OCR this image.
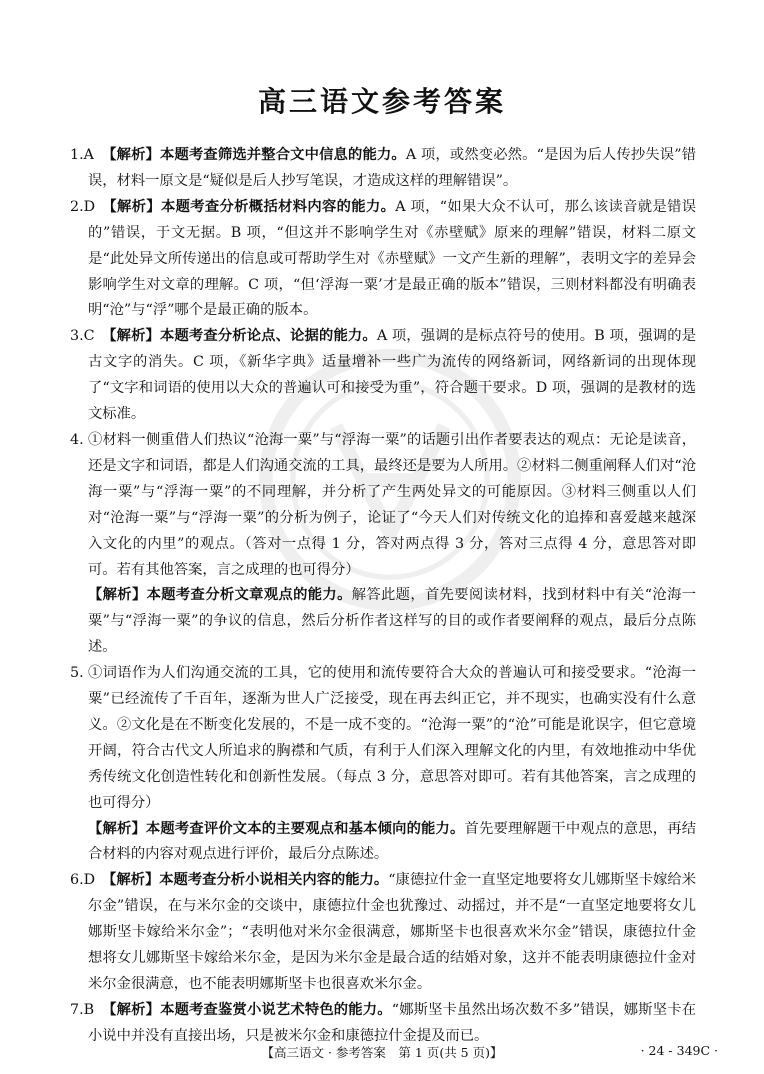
高三语文参考答案
1.A 【解析】本题考查筛选并整合文中信息的能力。A 项，或然变必然。“是因为后人传抄失误”错误，材料一原文是“疑似是后人抄写笔误，才造成这样的理解错误”。
2.D 【解析】本题考查分析概括材料内容的能力。A 项，“如果大众不认可，那么该读音就是错误的”错误，于文无据。B 项，“但这并不影响学生对《赤壁赋》原来的理解”错误，材料二原文是“此处异文所传递出的信息或可帮助学生对《赤壁赋》一文产生新的理解”，表明文字的差异会影响学生对文章的理解。C 项，“但‘浮海一粟’才是最正确的版本”错误，三则材料都没有明确表明“沧”与“浮”哪个是最正确的版本。
3.C 【解析】本题考查分析论点、论据的能力。A 项，强调的是标点符号的使用。B 项，强调的是古文字的消失。C 项，《新华字典》适量增补一些广为流传的网络新词，网络新词的出现体现了“文字和词语的使用以大众的普遍认可和接受为重”，符合题干要求。D 项，强调的是教材的选文标准。
4. ①材料一侧重借人们热议“沧海一粟”与“浮海一粟”的话题引出作者要表达的观点：无论是读音，还是文字和词语，都是人们沟通交流的工具，最终还是要为人所用。②材料二侧重阐释人们对“沧海一粟”与“浮海一粟”的不同理解，并分析了产生两处异文的可能原因。③材料三侧重以人们对“沧海一粟”与“浮海一粟”的分析为例子，论证了“今天人们对传统文化的追捧和喜爱越来越深入文化的内里”的观点。（答对一点得 1 分，答对两点得 3 分，答对三点得 4 分，意思答对即可。若有其他答案，言之成理的也可得分）
【解析】本题考查分析文章观点的能力。解答此题，首先要阅读材料，找到材料中有关“沧海一粟”与“浮海一粟”的争议的信息，然后分析作者这样写的目的或作者要阐释的观点，最后分点陈述。
5. ①词语作为人们沟通交流的工具，它的使用和流传要符合大众的普遍认可和接受要求。“沧海一粟”已经流传了千百年，逐渐为世人广泛接受，现在再去纠正它，并不现实，也确实没有什么意义。②文化是在不断变化发展的，不是一成不变的。“沧海一粟”的“沧”可能是讹误字，但它意境开阔，符合古代文人所追求的胸襟和气质，有利于人们深入理解文化的内里，有效地推动中华优秀传统文化创造性转化和创新性发展。（每点 3 分，意思答对即可。若有其他答案，言之成理的也可得分）
【解析】本题考查评价文本的主要观点和基本倾向的能力。首先要理解题干中观点的意思，再结合材料的内容对观点进行评价，最后分点陈述。
6.D 【解析】本题考查分析小说相关内容的能力。“康德拉什金一直坚定地要将女儿娜斯坚卡嫁给米尔金”错误，在与米尔金的交谈中，康德拉什金也犹豫过、动摇过，并不是“一直坚定地要将女儿娜斯坚卡嫁给米尔金”；“表明他对米尔金很满意，娜斯坚卡也很喜欢米尔金”错误，康德拉什金想将女儿娜斯坚卡嫁给米尔金，是因为米尔金是最合适的结婚对象，这并不能表明康德拉什金对米尔金很满意，也不能表明娜斯坚卡也很喜欢米尔金。
7.B 【解析】本题考查鉴赏小说艺术特色的能力。“娜斯坚卡虽然出场次数不多”错误，娜斯坚卡在小说中并没有直接出场，只是被米尔金和康德拉什金提及而已。
【高三语文 · 参考答案　第 1 页(共 5 页)】	· 24 - 349C ·
